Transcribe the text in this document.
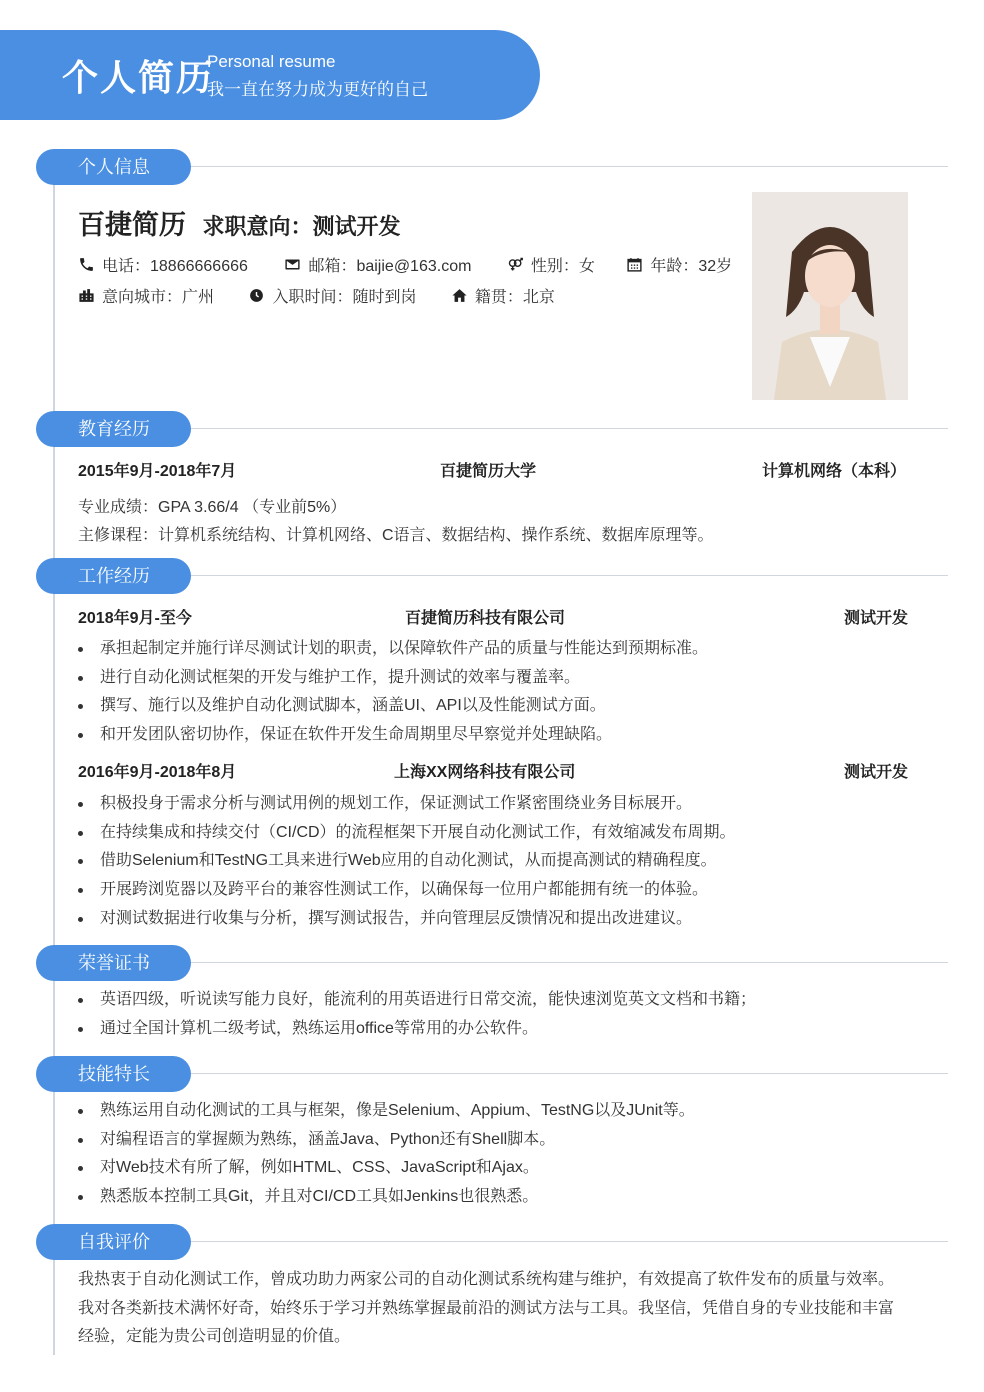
个人简历
Personal resume
我一直在努力成为更好的自己
个人信息
百捷简历 求职意向：测试开发
电话：18866666666
	邮箱：baijie@163.com
	性别：女
	年龄：32岁
意向城市：广州
	入职时间：随时到岗
	籍贯：北京
教育经历
2015年9月-2018年7月	百捷简历大学	计算机网络（本科）
专业成绩：GPA 3.66/4 （专业前5%）
主修课程：计算机系统结构、计算机网络、C语言、数据结构、操作系统、数据库原理等。
工作经历
2018年9月-至今	百捷简历科技有限公司	测试开发
承担起制定并施行详尽测试计划的职责，以保障软件产品的质量与性能达到预期标准。
进行自动化测试框架的开发与维护工作，提升测试的效率与覆盖率。
撰写、施行以及维护自动化测试脚本，涵盖UI、API以及性能测试方面。
和开发团队密切协作，保证在软件开发生命周期里尽早察觉并处理缺陷。
2016年9月-2018年8月	上海XX网络科技有限公司	测试开发
积极投身于需求分析与测试用例的规划工作，保证测试工作紧密围绕业务目标展开。
在持续集成和持续交付（CI/CD）的流程框架下开展自动化测试工作，有效缩减发布周期。
借助Selenium和TestNG工具来进行Web应用的自动化测试，从而提高测试的精确程度。
开展跨浏览器以及跨平台的兼容性测试工作，以确保每一位用户都能拥有统一的体验。
对测试数据进行收集与分析，撰写测试报告，并向管理层反馈情况和提出改进建议。
荣誉证书
英语四级，听说读写能力良好，能流利的用英语进行日常交流，能快速浏览英文文档和书籍；
通过全国计算机二级考试，熟练运用office等常用的办公软件。
技能特长
熟练运用自动化测试的工具与框架，像是Selenium、Appium、TestNG以及JUnit等。
对编程语言的掌握颇为熟练，涵盖Java、Python还有Shell脚本。
对Web技术有所了解，例如HTML、CSS、JavaScript和Ajax。
熟悉版本控制工具Git，并且对CI/CD工具如Jenkins也很熟悉。
自我评价
我热衷于自动化测试工作，曾成功助力两家公司的自动化测试系统构建与维护，有效提高了软件发布的质量与效率。我对各类新技术满怀好奇，始终乐于学习并熟练掌握最前沿的测试方法与工具。我坚信，凭借自身的专业技能和丰富经验，定能为贵公司创造明显的价值。
